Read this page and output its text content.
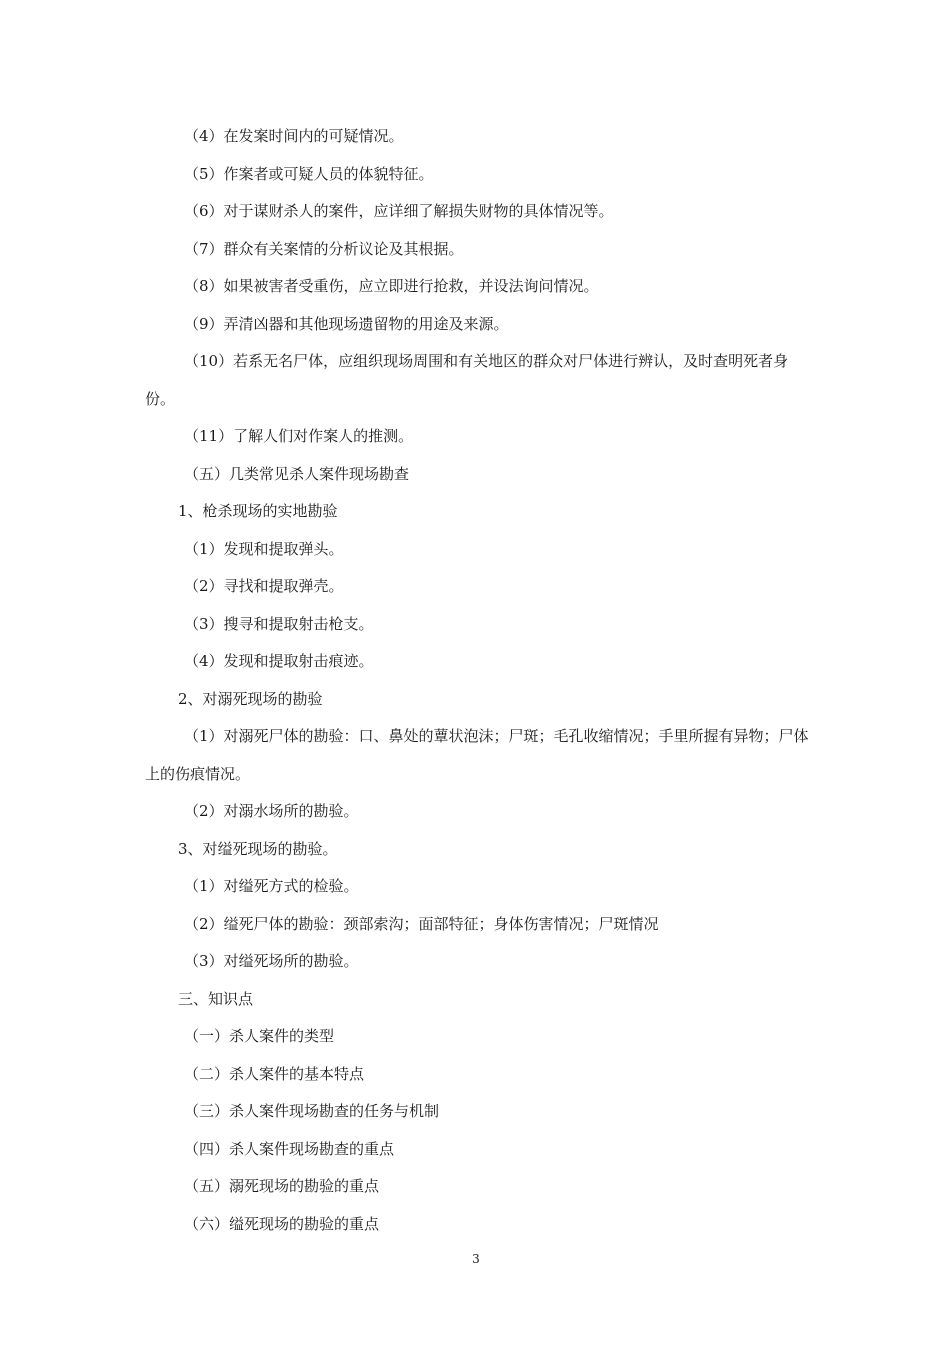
（4）在发案时间内的可疑情况。

（5）作案者或可疑人员的体貌特征。

（6）对于谋财杀人的案件，应详细了解损失财物的具体情况等。

（7）群众有关案情的分析议论及其根据。

（8）如果被害者受重伤，应立即进行抢救，并设法询问情况。

（9）弄清凶器和其他现场遗留物的用途及来源。

（10）若系无名尸体，应组织现场周围和有关地区的群众对尸体进行辨认，及时查明死者身份。

（11）了解人们对作案人的推测。

（五）几类常见杀人案件现场勘查

1、枪杀现场的实地勘验

（1）发现和提取弹头。

（2）寻找和提取弹壳。

（3）搜寻和提取射击枪支。

（4）发现和提取射击痕迹。

2、对溺死现场的勘验

（1）对溺死尸体的勘验：口、鼻处的蕈状泡沫；尸斑；毛孔收缩情况；手里所握有异物；尸体上的伤痕情况。

（2）对溺水场所的勘验。

3、对缢死现场的勘验。

（1）对缢死方式的检验。

（2）缢死尸体的勘验：颈部索沟；面部特征；身体伤害情况；尸斑情况

（3）对缢死场所的勘验。

三、知识点

（一）杀人案件的类型

（二）杀人案件的基本特点

（三）杀人案件现场勘查的任务与机制

（四）杀人案件现场勘查的重点

（五）溺死现场的勘验的重点

（六）缢死现场的勘验的重点

3
